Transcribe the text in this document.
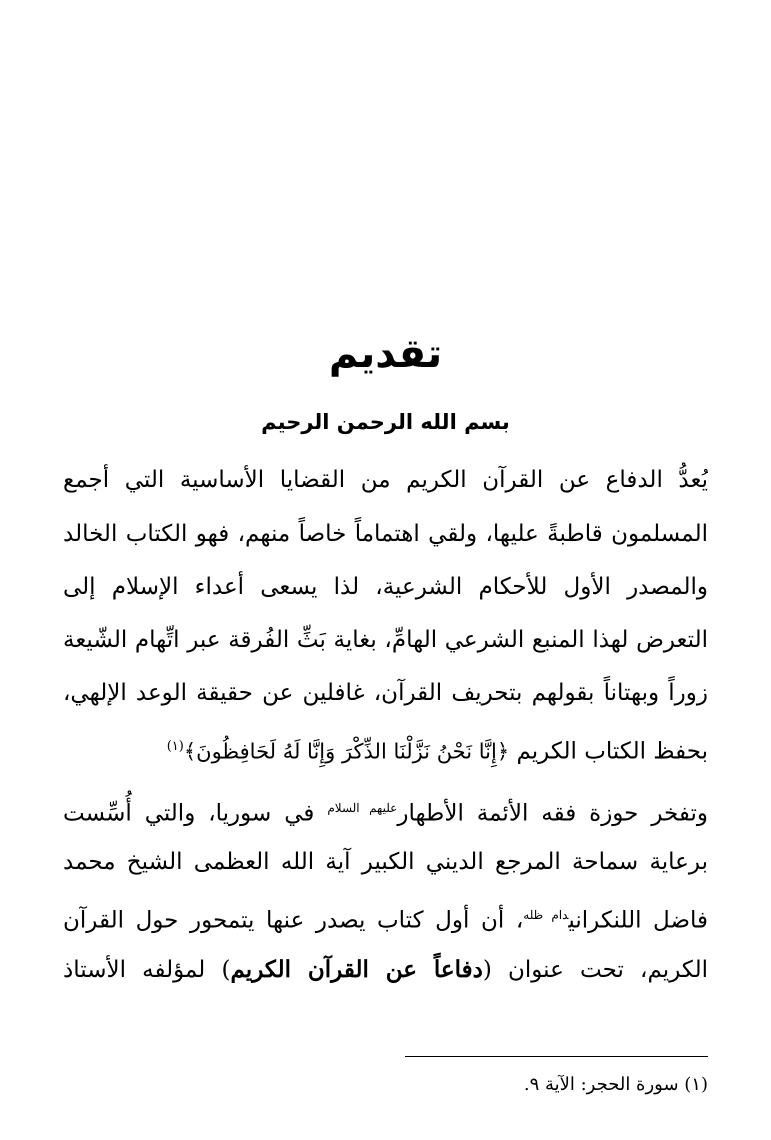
تقديم

بسم الله الرحمن الرحيم

يُعدُّ الدفاع عن القرآن الكريم من القضايا الأساسية التي أجمع
المسلمون قاطبةً عليها، ولقي اهتماماً خاصاً منهم، فهو الكتاب الخالد
والمصدر الأول للأحكام الشرعية، لذا يسعى أعداء الإسلام إلى
التعرض لهذا المنبع الشرعي الهامِّ، بغاية بَثِّ الفُرقة عبر اتِّهام الشّيعة
زوراً وبهتاناً بقولهم بتحريف القرآن، غافلين عن حقيقة الوعد الإلهي،
بحفظ الكتاب الكريم ﴿إِنَّا نَحْنُ نَزَّلْنَا الذِّكْرَ وَإِنَّا لَهُ لَحَافِظُونَ﴾$^{(١)}$
وتفخر حوزة فقه الأئمة الأطهار$^{عليهم السلام}$ في سوريا، والتي أُسِّست
برعاية سماحة المرجع الديني الكبير آية الله العظمى الشيخ محمد
فاضل اللنكراني$^{دام ظله}$، أن أول كتاب يصدر عنها يتمحور حول القرآن
الكريم، تحت عنوان (دفاعاً عن القرآن الكريم) لمؤلفه الأستاذ
(١) سورة الحجر: الآية ٩.
